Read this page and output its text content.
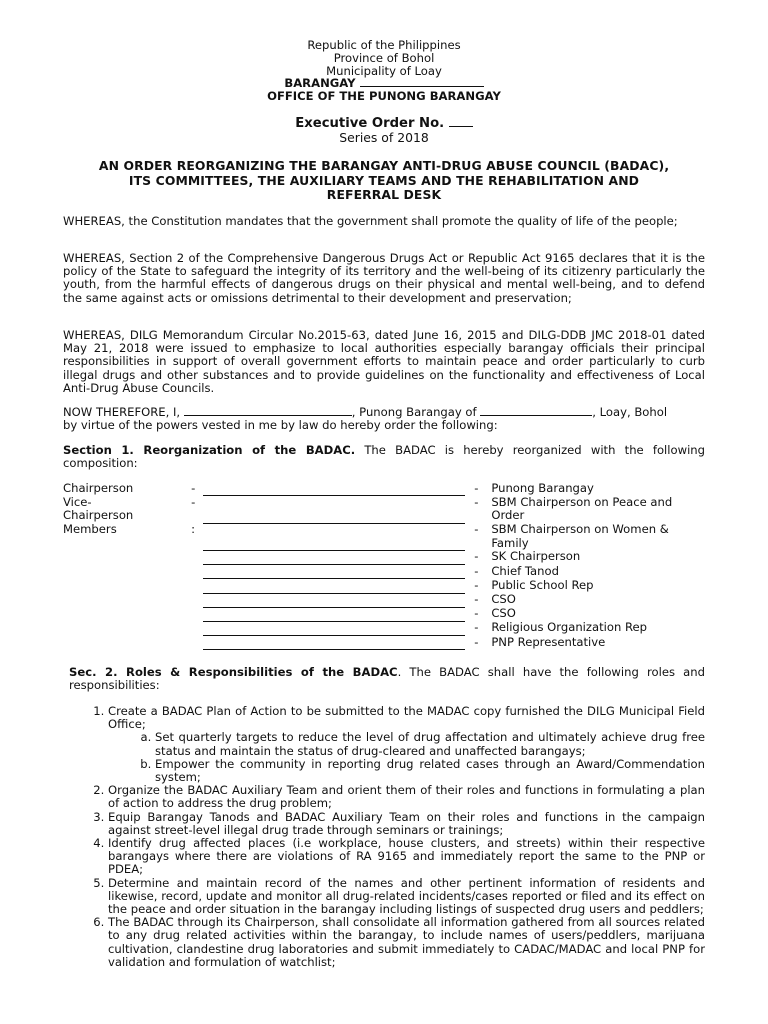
Republic of the Philippines
Province of Bohol
Municipality of Loay
BARANGAY
OFFICE OF THE PUNONG BARANGAY
Executive Order No.
Series of 2018
AN ORDER REORGANIZING THE BARANGAY ANTI-DRUG ABUSE COUNCIL (BADAC),
ITS COMMITTEES, THE AUXILIARY TEAMS AND THE REHABILITATION AND
REFERRAL DESK
WHEREAS, the Constitution mandates that the government shall promote the quality of life of the people;
WHEREAS, Section 2 of the Comprehensive Dangerous Drugs Act or Republic Act 9165 declares that it is the policy of the State to safeguard the integrity of its territory and the well-being of its citizenry particularly the youth, from the harmful effects of dangerous drugs on their physical and mental well-being, and to defend the same against acts or omissions detrimental to their development and preservation;
WHEREAS, DILG Memorandum Circular No.2015-63, dated June 16, 2015 and DILG-DDB JMC 2018-01 dated May 21, 2018 were issued to emphasize to local authorities especially barangay officials their principal responsibilities in support of overall government efforts to maintain peace and order particularly to curb illegal drugs and other substances and to provide guidelines on the functionality and effectiveness of Local Anti-Drug Abuse Councils.
NOW THEREFORE, I,	, Punong Barangay of	, Loay, Bohol
by virtue of the powers vested in me by law do hereby order the following:
Section 1. Reorganization of the BADAC. The BADAC is hereby reorganized with the following composition:
Chairperson	-			-	Punong Barangay
Vice-	-			-	SBM Chairperson on Peace and
Chairperson					Order
Members	:			-	SBM Chairperson on Women &
					Family
				-	SK Chairperson
				-	Chief Tanod
				-	Public School Rep
				-	CSO
				-	CSO
				-	Religious Organization Rep
				-	PNP Representative
Sec. 2. Roles & Responsibilities of the BADAC. The BADAC shall have the following roles and responsibilities:
1. Create a BADAC Plan of Action to be submitted to the MADAC copy furnished the DILG Municipal Field Office;
a. Set quarterly targets to reduce the level of drug affectation and ultimately achieve drug free status and maintain the status of drug-cleared and unaffected barangays;
b. Empower the community in reporting drug related cases through an Award/Commendation system;
2. Organize the BADAC Auxiliary Team and orient them of their roles and functions in formulating a plan of action to address the drug problem;
3. Equip Barangay Tanods and BADAC Auxiliary Team on their roles and functions in the campaign against street-level illegal drug trade through seminars or trainings;
4. Identify drug affected places (i.e workplace, house clusters, and streets) within their respective barangays where there are violations of RA 9165 and immediately report the same to the PNP or PDEA;
5. Determine and maintain record of the names and other pertinent information of residents and likewise, record, update and monitor all drug-related incidents/cases reported or filed and its effect on the peace and order situation in the barangay including listings of suspected drug users and peddlers;
6. The BADAC through its Chairperson, shall consolidate all information gathered from all sources related to any drug related activities within the barangay, to include names of users/peddlers, marijuana cultivation, clandestine drug laboratories and submit immediately to CADAC/MADAC and local PNP for validation and formulation of watchlist;
